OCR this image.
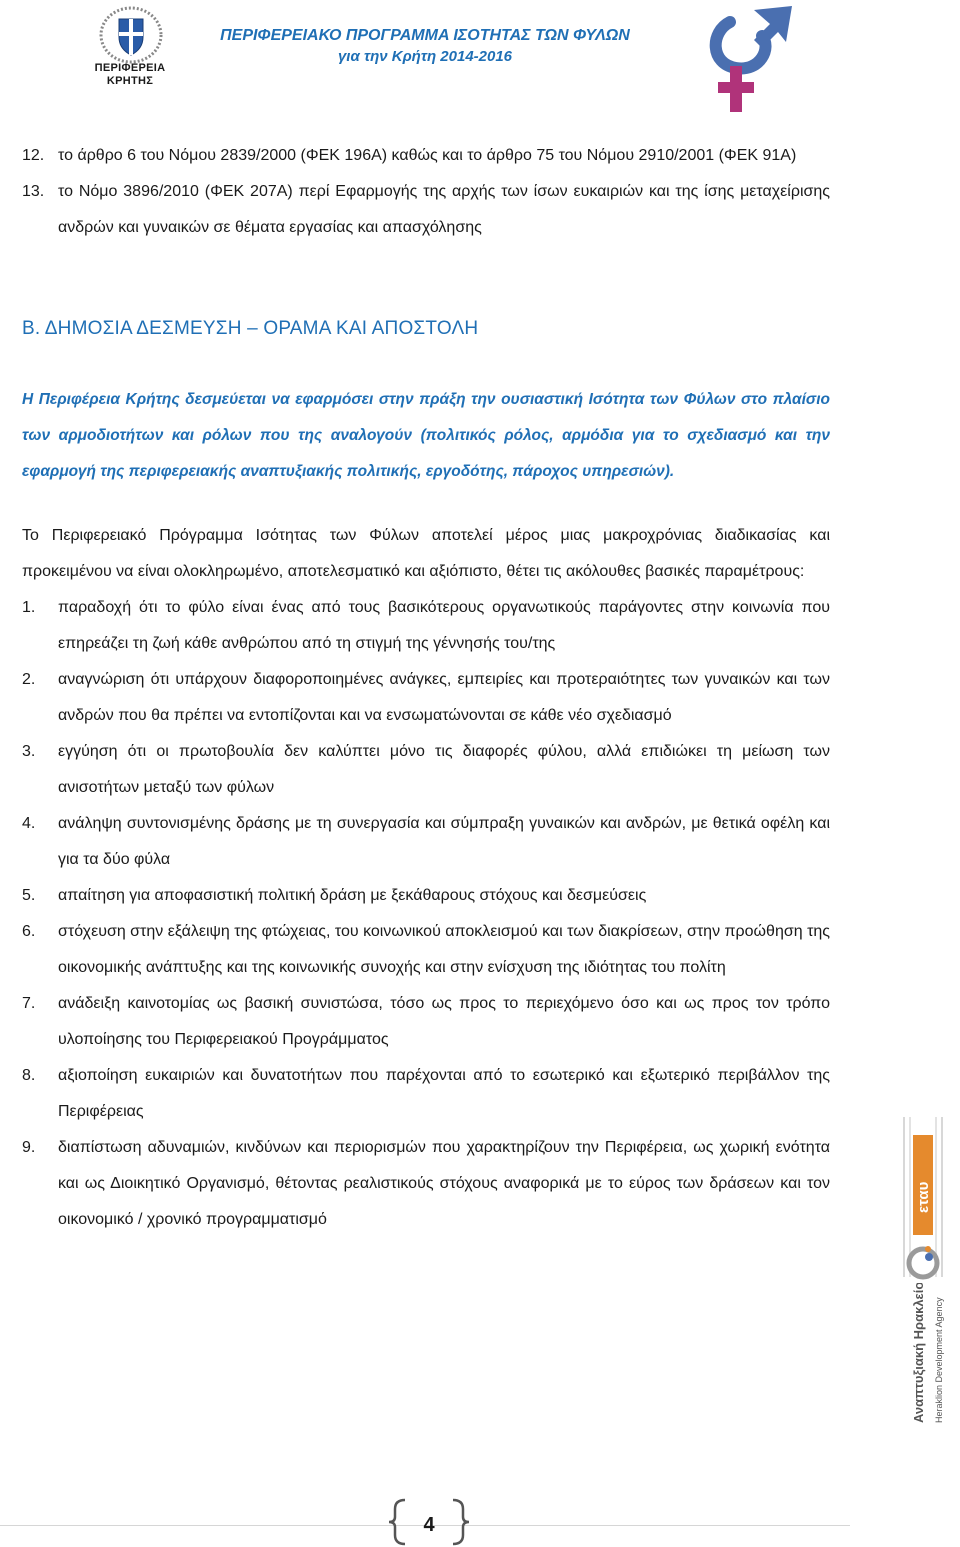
ΠΕΡΙΦΕΡΕΙΑ
ΚΡΗΤΗΣ
ΠΕΡΙΦΕΡΕΙΑΚΟ ΠΡΟΓΡΑΜΜΑ ΙΣΟΤΗΤΑΣ ΤΩΝ ΦΥΛΩΝ
για την Κρήτη 2014-2016
12. το άρθρο 6 του Νόμου 2839/2000 (ΦΕΚ 196Α) καθώς και το άρθρο 75 του Νόμου 2910/2001 (ΦΕΚ 91Α)
13. το Νόμο 3896/2010 (ΦΕΚ 207Α) περί Εφαρμογής της αρχής των ίσων ευκαιριών και της ίσης μεταχείρισης ανδρών και γυναικών σε θέματα εργασίας και απασχόλησης
Β. ΔΗΜΟΣΙΑ ΔΕΣΜΕΥΣΗ – ΟΡΑΜΑ ΚΑΙ ΑΠΟΣΤΟΛΗ
Η Περιφέρεια Κρήτης δεσμεύεται να εφαρμόσει στην πράξη την ουσιαστική Ισότητα των Φύλων στο πλαίσιο των αρμοδιοτήτων και ρόλων που της αναλογούν (πολιτικός ρόλος, αρμόδια για το σχεδιασμό και την εφαρμογή της περιφερειακής αναπτυξιακής πολιτικής, εργοδότης, πάροχος υπηρεσιών).
Το Περιφερειακό Πρόγραμμα Ισότητας των Φύλων αποτελεί μέρος μιας μακροχρόνιας διαδικασίας και προκειμένου να είναι ολοκληρωμένο, αποτελεσματικό και αξιόπιστο, θέτει τις ακόλουθες βασικές παραμέτρους:
1. παραδοχή ότι το φύλο είναι ένας από τους βασικότερους οργανωτικούς παράγοντες στην κοινωνία που επηρεάζει τη ζωή κάθε ανθρώπου από τη στιγμή της γέννησής του/της
2. αναγνώριση ότι υπάρχουν διαφοροποιημένες ανάγκες, εμπειρίες και προτεραιότητες των γυναικών και των ανδρών που θα πρέπει να εντοπίζονται και να ενσωματώνονται σε κάθε νέο σχεδιασμό
3. εγγύηση ότι οι πρωτοβουλία δεν καλύπτει μόνο τις διαφορές φύλου, αλλά επιδιώκει τη μείωση των ανισοτήτων μεταξύ των φύλων
4. ανάληψη συντονισμένης δράσης με τη συνεργασία και σύμπραξη γυναικών και ανδρών, με θετικά οφέλη και για τα δύο φύλα
5. απαίτηση για αποφασιστική πολιτική δράση με ξεκάθαρους στόχους και δεσμεύσεις
6. στόχευση στην εξάλειψη της φτώχειας, του κοινωνικού αποκλεισμού και των διακρίσεων, στην προώθηση της οικονομικής ανάπτυξης και της κοινωνικής συνοχής και στην ενίσχυση της ιδιότητας του πολίτη
7. ανάδειξη καινοτομίας ως βασική συνιστώσα, τόσο ως προς το περιεχόμενο όσο και ως προς τον τρόπο υλοποίησης του Περιφερειακού Προγράμματος
8. αξιοποίηση ευκαιριών και δυνατοτήτων που παρέχονται από το εσωτερικό και εξωτερικό περιβάλλον της Περιφέρειας
9. διαπίστωση αδυναμιών, κινδύνων και περιορισμών που χαρακτηρίζουν την Περιφέρεια, ως χωρική ενότητα και ως Διοικητικό Οργανισμό, θέτοντας ρεαλιστικούς στόχους αναφορικά με το εύρος των δράσεων και τον οικονομικό / χρονικό προγραμματισμό
Αναπτυξιακή Ηρακλείου Heraklion Development Agency
εταυ
4
